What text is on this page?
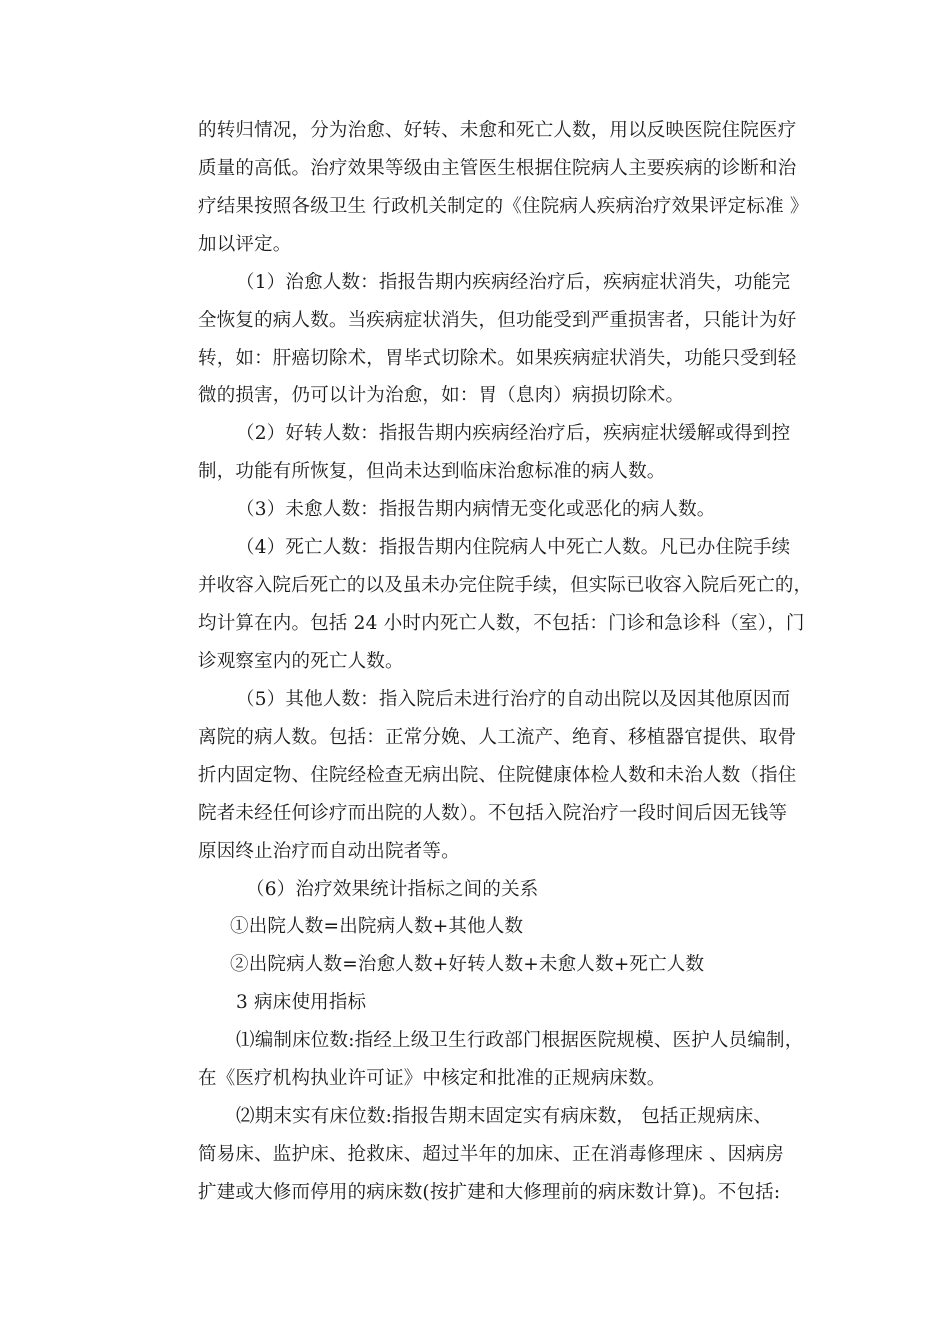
的转归情况，分为治愈、好转、未愈和死亡人数，用以反映医院住院医疗
质量的高低。治疗效果等级由主管医生根据住院病人主要疾病的诊断和治
疗结果按照各级卫生 行政机关制定的《住院病人疾病治疗效果评定标准 》
加以评定。
（1）治愈人数：指报告期内疾病经治疗后，疾病症状消失，功能完
全恢复的病人数。当疾病症状消失，但功能受到严重损害者，只能计为好
转，如：肝癌切除术，胃毕式切除术。如果疾病症状消失，功能只受到轻
微的损害，仍可以计为治愈，如：胃（息肉）病损切除术。
（2）好转人数：指报告期内疾病经治疗后，疾病症状缓解或得到控
制，功能有所恢复，但尚未达到临床治愈标准的病人数。
（3）未愈人数：指报告期内病情无变化或恶化的病人数。
（4）死亡人数：指报告期内住院病人中死亡人数。凡已办住院手续
并收容入院后死亡的以及虽未办完住院手续，但实际已收容入院后死亡的，
均计算在内。包括 24 小时内死亡人数，不包括：门诊和急诊科（室），门
诊观察室内的死亡人数。
（5）其他人数：指入院后未进行治疗的自动出院以及因其他原因而
离院的病人数。包括：正常分娩、人工流产、绝育、移植器官提供、取骨
折内固定物、住院经检查无病出院、住院健康体检人数和未治人数（指住
院者未经任何诊疗而出院的人数）。不包括入院治疗一段时间后因无钱等
原因终止治疗而自动出院者等。
（6）治疗效果统计指标之间的关系
①出院人数=出院病人数+其他人数
②出院病人数=治愈人数+好转人数+未愈人数+死亡人数
3 病床使用指标
⑴编制床位数:指经上级卫生行政部门根据医院规模、医护人员编制，
在《医疗机构执业许可证》中核定和批准的正规病床数。
⑵期末实有床位数:指报告期末固定实有病床数， 包括正规病床、
简易床、监护床、抢救床、超过半年的加床、正在消毒修理床 、因病房
扩建或大修而停用的病床数(按扩建和大修理前的病床数计算)。不包括:
